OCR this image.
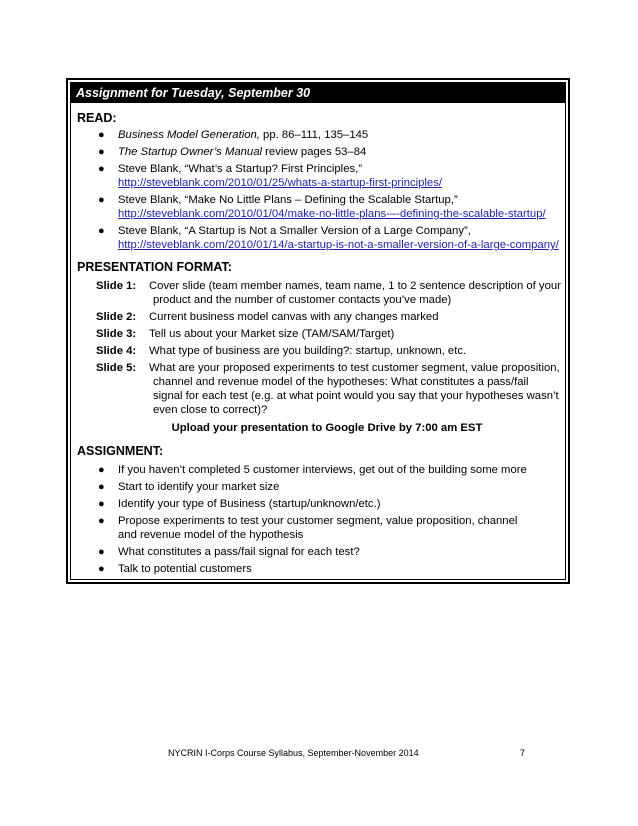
Assignment for Tuesday, September 30
READ:
● Business Model Generation, pp. 86–111, 135–145
● The Startup Owner’s Manual review pages 53–84
● Steve Blank, “What’s a Startup? First Principles,”
http://steveblank.com/2010/01/25/whats-a-startup-first-principles/
● Steve Blank, “Make No Little Plans – Defining the Scalable Startup,”
http://steveblank.com/2010/01/04/make-no-little-plans-–-defining-the-scalable-startup/
● Steve Blank, “A Startup is Not a Smaller Version of a Large Company”,
http://steveblank.com/2010/01/14/a-startup-is-not-a-smaller-version-of-a-large-company/
PRESENTATION FORMAT:
Slide 1: Cover slide (team member names, team name, 1 to 2 sentence description of your
product and the number of customer contacts you’ve made)
Slide 2: Current business model canvas with any changes marked
Slide 3: Tell us about your Market size (TAM/SAM/Target)
Slide 4: What type of business are you building?: startup, unknown, etc.
Slide 5: What are your proposed experiments to test customer segment, value proposition,
channel and revenue model of the hypotheses: What constitutes a pass/fail
signal for each test (e.g. at what point would you say that your hypotheses wasn’t
even close to correct)?
Upload your presentation to Google Drive by 7:00 am EST
ASSIGNMENT:
● If you haven’t completed 5 customer interviews, get out of the building some more
● Start to identify your market size
● Identify your type of Business (startup/unknown/etc.)
● Propose experiments to test your customer segment, value proposition, channel and revenue model of the hypothesis
● What constitutes a pass/fail signal for each test?
● Talk to potential customers
NYCRIN I-Corps Course Syllabus, September-November 2014	7
